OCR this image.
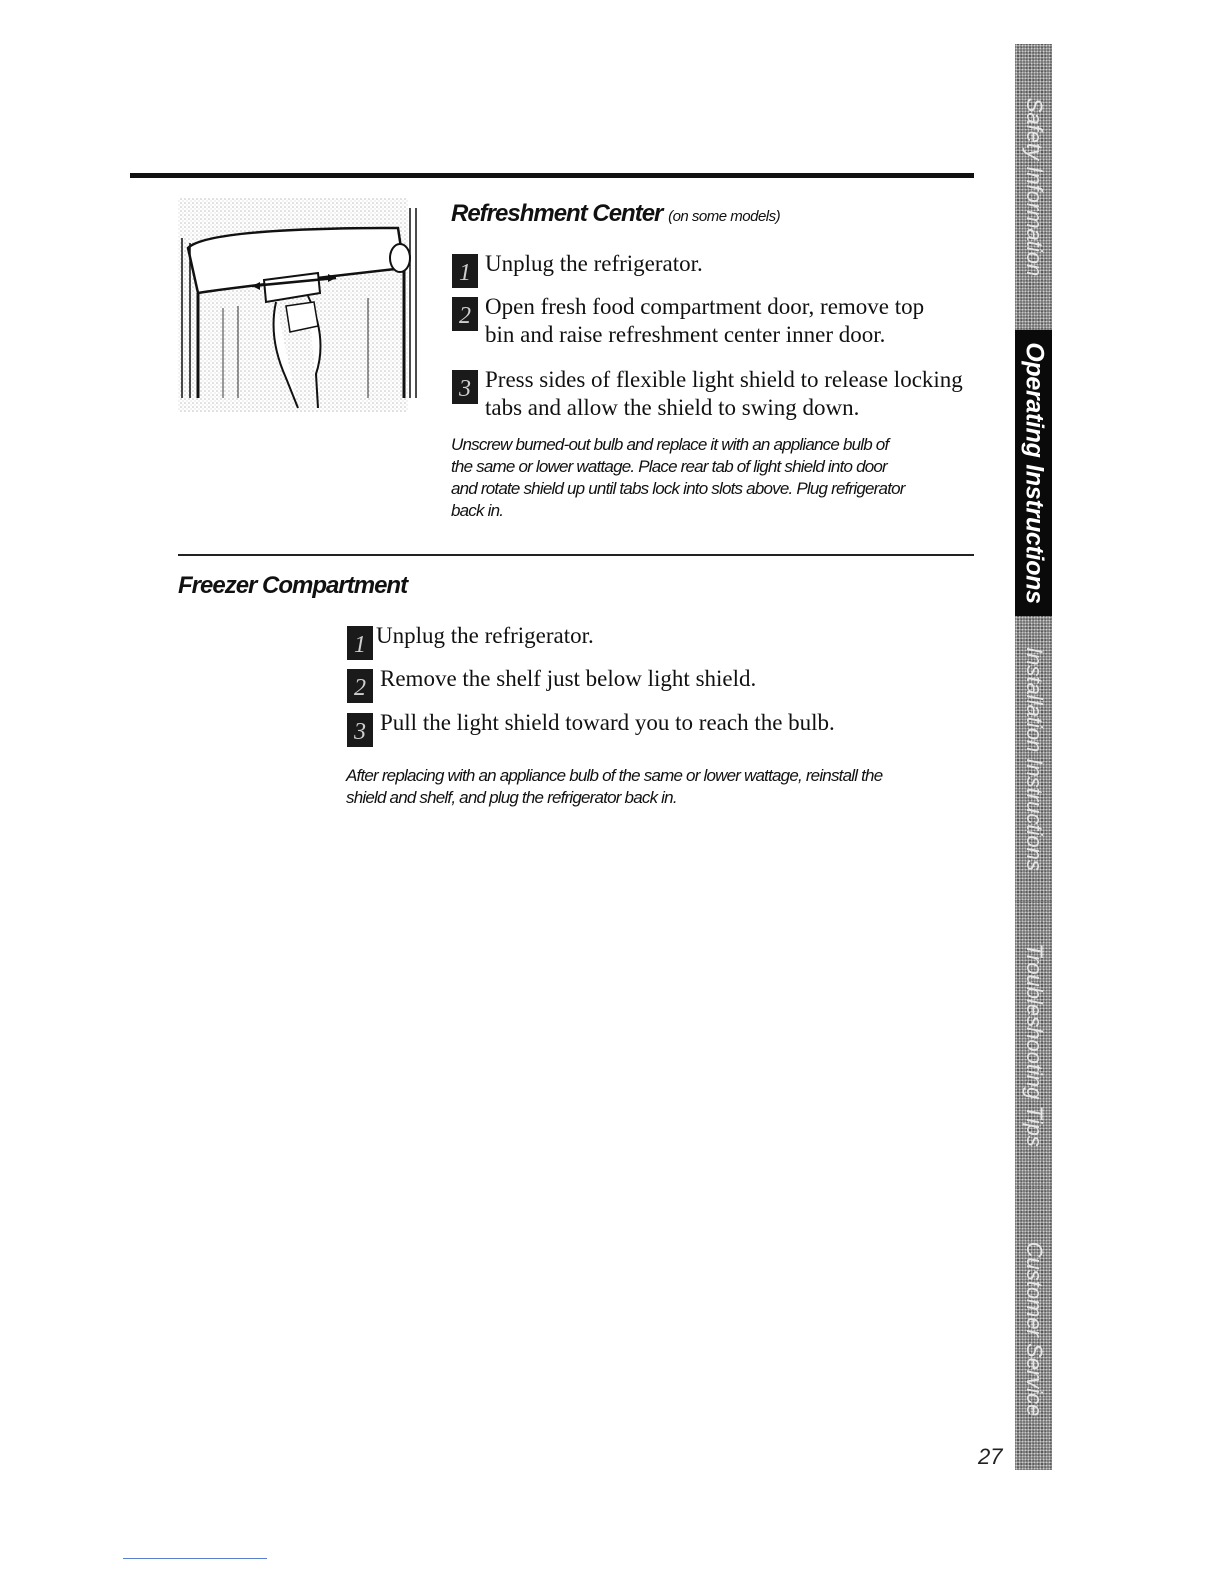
Refreshment Center (on some models)
1 Unplug the refrigerator.
2 Open fresh food compartment door, remove top
bin and raise refreshment center inner door.
3 Press sides of flexible light shield to release locking
tabs and allow the shield to swing down.
Unscrew burned-out bulb and replace it with an appliance bulb of
the same or lower wattage. Place rear tab of light shield into door
and rotate shield up until tabs lock into slots above. Plug refrigerator
back in.
Freezer Compartment
1 Unplug the refrigerator.
2 Remove the shelf just below light shield.
3 Pull the light shield toward you to reach the bulb.
After replacing with an appliance bulb of the same or lower wattage, reinstall the
shield and shelf, and plug the refrigerator back in.
27
Safety Information
Operating Instructions
Installation Instructions
Troubleshooting Tips
Customer Service
